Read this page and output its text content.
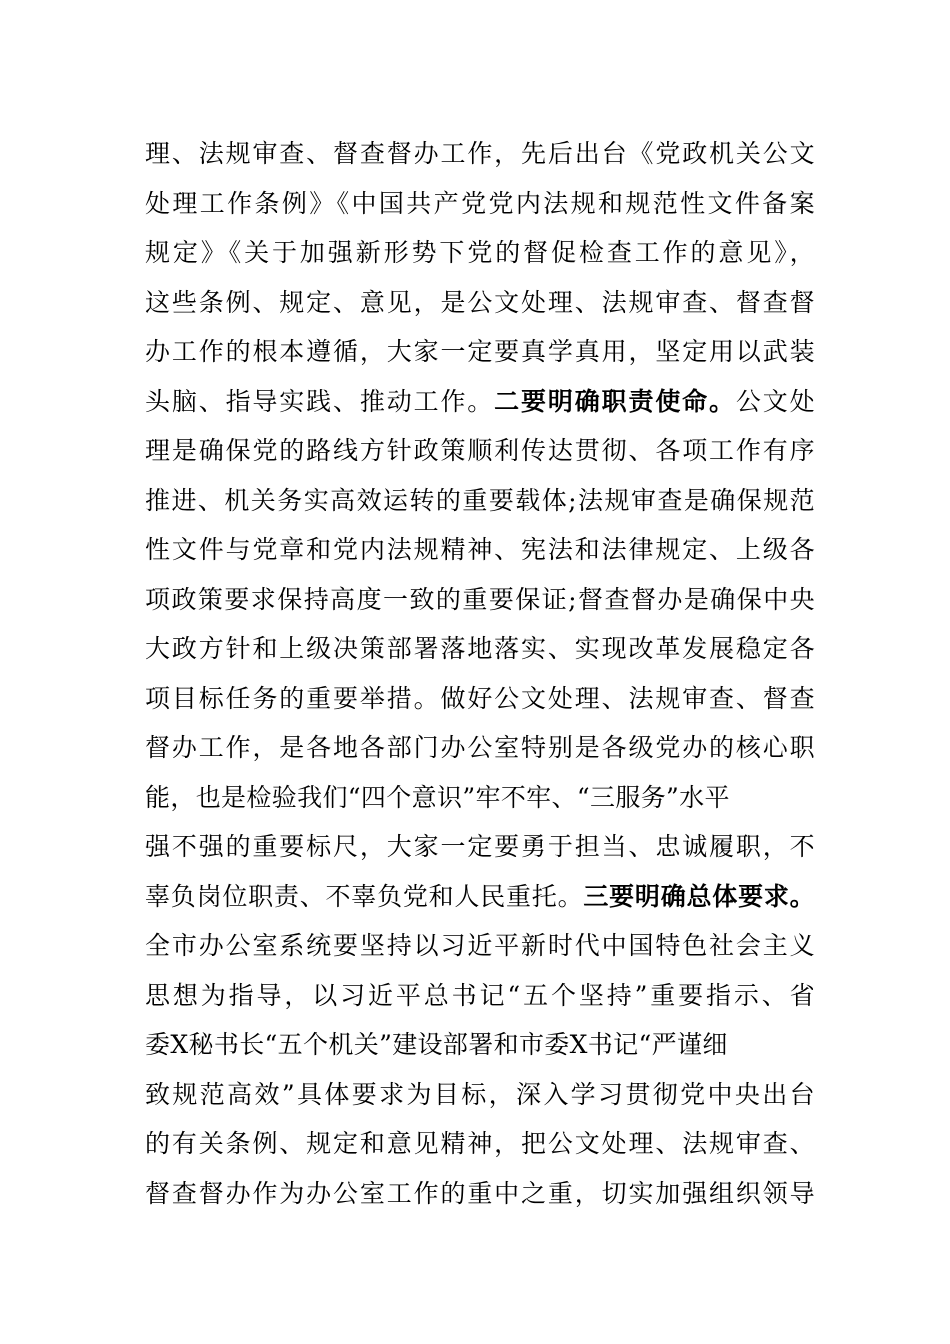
理、法规审查、督查督办工作，先后出台《党政机关公文
处理工作条例》《中国共产党党内法规和规范性文件备案
规定》《关于加强新形势下党的督促检查工作的意见》，
这些条例、规定、意见，是公文处理、法规审查、督查督
办工作的根本遵循，大家一定要真学真用，坚定用以武装
头脑、指导实践、推动工作。二要明确职责使命。公文处
理是确保党的路线方针政策顺利传达贯彻、各项工作有序
推进、机关务实高效运转的重要载体;法规审查是确保规范
性文件与党章和党内法规精神、宪法和法律规定、上级各
项政策要求保持高度一致的重要保证;督查督办是确保中央
大政方针和上级决策部署落地落实、实现改革发展稳定各
项目标任务的重要举措。做好公文处理、法规审查、督查
督办工作，是各地各部门办公室特别是各级党办的核心职
能，也是检验我们“四个意识”牢不牢、“三服务”水平
强不强的重要标尺，大家一定要勇于担当、忠诚履职，不
辜负岗位职责、不辜负党和人民重托。三要明确总体要求。
全市办公室系统要坚持以习近平新时代中国特色社会主义
思想为指导，以习近平总书记“五个坚持”重要指示、省
委X秘书长“五个机关”建设部署和市委X书记“严谨细
致规范高效”具体要求为目标，深入学习贯彻党中央出台
的有关条例、规定和意见精神，把公文处理、法规审查、
督查督办作为办公室工作的重中之重，切实加强组织领导
